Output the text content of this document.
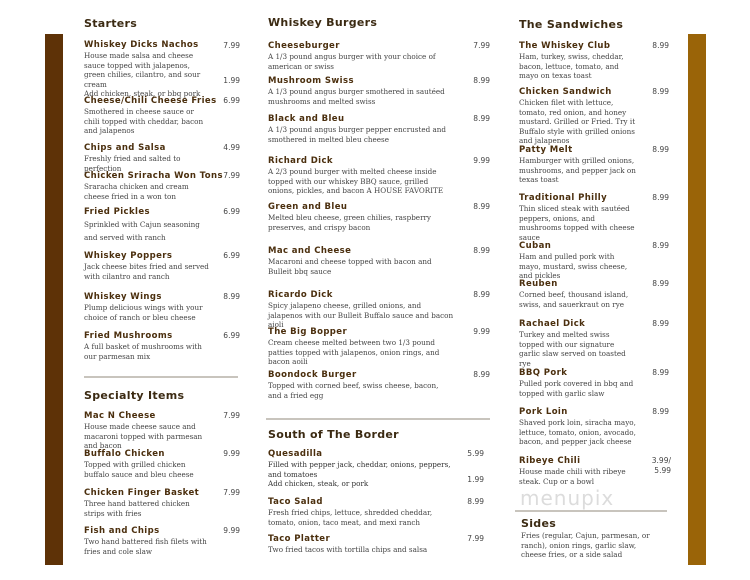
Starters
Whiskey Dicks Nachos
House made salsa and cheese sauce topped with jalapenos, green chilies, cilantro, and sour cream
Add chicken, steak, or bbq pork
7.99
1.99
Cheese/Chili Cheese Fries
Smothered in cheese sauce or chili topped with cheddar, bacon and jalapenos
6.99
Chips and Salsa
Freshly fried and salted to perfection
4.99
Chicken Sriracha Won Tons
Sraracha chicken and cream cheese fried in a won ton
7.99
Fried Pickles
Sprinkled with Cajun seasoning and served with ranch
6.99
Whiskey Poppers
Jack cheese bites fried and served with cilantro and ranch
6.99
Whiskey Wings
Plump delicious wings with your choice of ranch or bleu cheese
8.99
Fried Mushrooms
A full basket of mushrooms with our parmesan mix
6.99
Specialty Items
Mac N Cheese
House made cheese sauce and macaroni topped with parmesan and bacon
7.99
Buffalo Chicken
Topped with grilled chicken buffalo sauce and bleu cheese
9.99
Chicken Finger Basket
Three hand battered chicken strips with fries
7.99
Fish and Chips
Two hand battered fish filets with fries and cole slaw
9.99
Whiskey Burgers
Cheeseburger
A 1/3 pound angus burger with your choice of american or swiss
7.99
Mushroom Swiss
A 1/3 pound angus burger smothered in sautéed mushrooms and melted swiss
8.99
Black and Bleu
A 1/3 pound angus burger pepper encrusted and smothered in melted bleu cheese
8.99
Richard Dick
A 2/3 pound burger with melted cheese inside topped with our whiskey BBQ sauce, grilled onions, pickles, and bacon A HOUSE FAVORITE
9.99
Green and Bleu
Melted bleu cheese, green chilies, raspberry preserves, and crispy bacon
8.99
Mac and Cheese
Macaroni and cheese topped with bacon and Bulleit bbq sauce
8.99
Ricardo Dick
Spicy jalapeno cheese, grilled onions, and jalapenos with our Bulleit Buffalo sauce and bacon aioli
8.99
The Big Bopper
Cream cheese melted between two 1/3 pound patties topped with jalapenos, onion rings, and bacon aoili
9.99
Boondock Burger
Topped with corned beef, swiss cheese, bacon, and a fried egg
8.99
South of The Border
Quesadilla
Filled with pepper jack, cheddar, onions, peppers, and tomatoes
Add chicken, steak, or pork
5.99
1.99
Taco Salad
Fresh fried chips, lettuce, shredded cheddar, tomato, onion, taco meat, and mexi ranch
8.99
Taco Platter
Two fried tacos with tortilla chips and salsa
7.99
The Sandwiches
The Whiskey Club
Ham, turkey, swiss, cheddar, bacon, lettuce, tomato, and mayo on texas toast
8.99
Chicken Sandwich
Chicken filet with lettuce, tomato, red onion, and honey mustard. Grilled or Fried. Try it Buffalo style with grilled onions and jalapenos
8.99
Patty Melt
Hamburger with grilled onions, mushrooms, and pepper jack on texas toast
8.99
Traditional Philly
Thin sliced steak with sautéed peppers, onions, and mushrooms topped with cheese sauce
8.99
Cuban
Ham and pulled pork with mayo, mustard, swiss cheese, and pickles
8.99
Reuben
Corned beef, thousand island, swiss, and sauerkraut on rye
8.99
Rachael Dick
Turkey and melted swiss topped with our signature garlic slaw served on toasted rye
8.99
BBQ Pork
Pulled pork covered in bbq and topped with garlic slaw
8.99
Pork Loin
Shaved pork loin, siracha mayo, lettuce, tomato, onion, avocado, bacon, and pepper jack cheese
8.99
Ribeye Chili
House made chili with ribeye steak. Cup or a bowl
3.99/ 5.99
menupix
Sides
Fries (regular, Cajun, parmesan, or ranch), onion rings, garlic slaw, cheese fries, or a side salad
